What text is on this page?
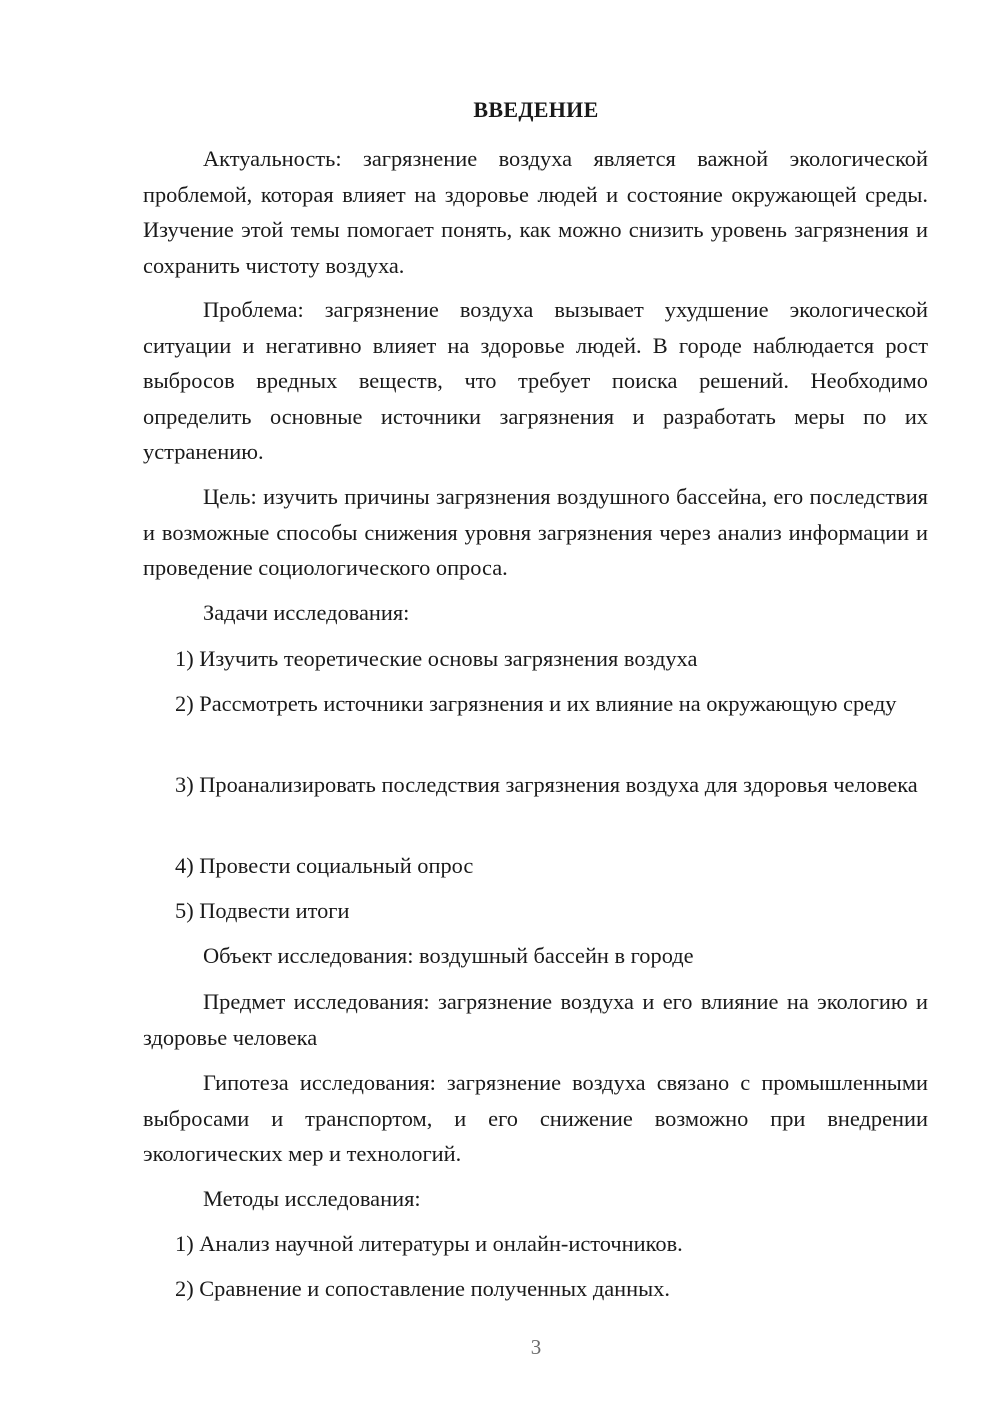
ВВЕДЕНИЕ
Актуальность: загрязнение воздуха является важной экологической проблемой, которая влияет на здоровье людей и состояние окружающей среды. Изучение этой темы помогает понять, как можно снизить уровень загрязнения и сохранить чистоту воздуха.
Проблема: загрязнение воздуха вызывает ухудшение экологической ситуации и негативно влияет на здоровье людей. В городе наблюдается рост выбросов вредных веществ, что требует поиска решений. Необходимо определить основные источники загрязнения и разработать меры по их устранению.
Цель: изучить причины загрязнения воздушного бассейна, его последствия и возможные способы снижения уровня загрязнения через анализ информации и проведение социологического опроса.
Задачи исследования:
1) Изучить теоретические основы загрязнения воздуха
2) Рассмотреть источники загрязнения и их влияние на окружающую среду
3) Проанализировать последствия загрязнения воздуха для здоровья человека
4) Провести социальный опрос
5) Подвести итоги
Объект исследования: воздушный бассейн в городе
Предмет исследования: загрязнение воздуха и его влияние на экологию и здоровье человека
Гипотеза исследования: загрязнение воздуха связано с промышленными выбросами и транспортом, и его снижение возможно при внедрении экологических мер и технологий.
Методы исследования:
1) Анализ научной литературы и онлайн-источников.
2) Сравнение и сопоставление полученных данных.
3
